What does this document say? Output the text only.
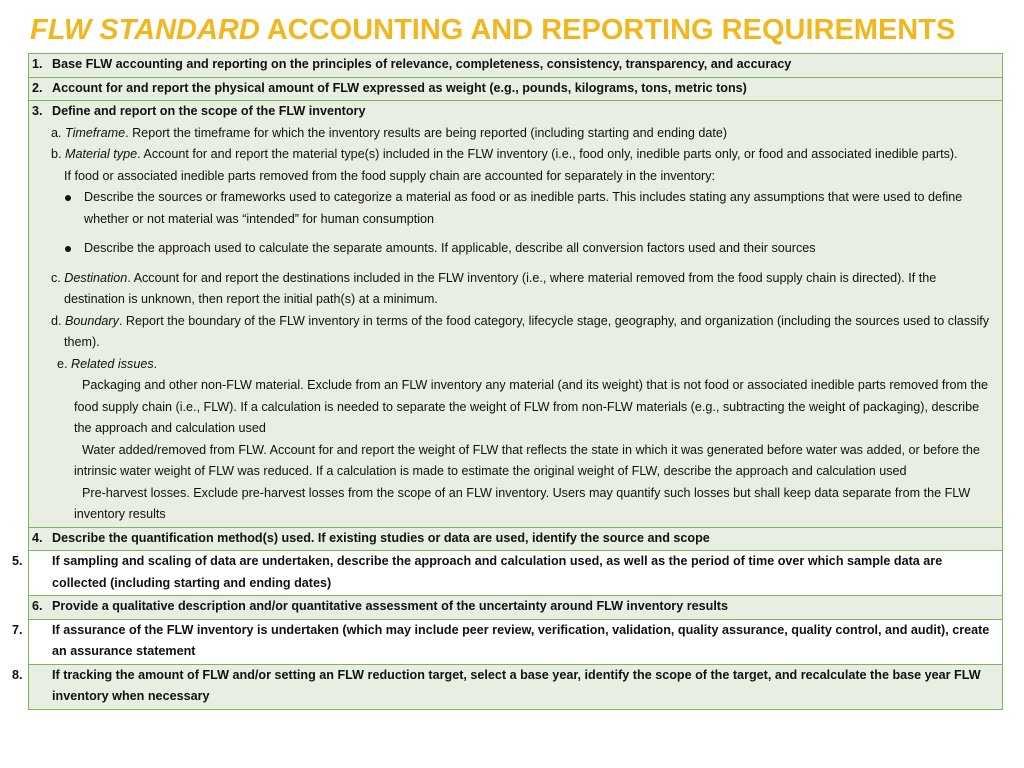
FLW STANDARD ACCOUNTING AND REPORTING REQUIREMENTS
1. Base FLW accounting and reporting on the principles of relevance, completeness, consistency, transparency, and accuracy
2. Account for and report the physical amount of FLW expressed as weight (e.g., pounds, kilograms, tons, metric tons)
3. Define and report on the scope of the FLW inventory
a. Timeframe. Report the timeframe for which the inventory results are being reported (including starting and ending date)
b. Material type. Account for and report the material type(s) included in the FLW inventory (i.e., food only, inedible parts only, or food and associated inedible parts).
If food or associated inedible parts removed from the food supply chain are accounted for separately in the inventory:
Describe the sources or frameworks used to categorize a material as food or as inedible parts. This includes stating any assumptions that were used to define whether or not material was “intended” for human consumption
Describe the approach used to calculate the separate amounts. If applicable, describe all conversion factors used and their sources
c. Destination. Account for and report the destinations included in the FLW inventory (i.e., where material removed from the food supply chain is directed). If the destination is unknown, then report the initial path(s) at a minimum.
d. Boundary. Report the boundary of the FLW inventory in terms of the food category, lifecycle stage, geography, and organization (including the sources used to classify them).
e. Related issues.
Packaging and other non-FLW material. Exclude from an FLW inventory any material (and its weight) that is not food or associated inedible parts removed from the food supply chain (i.e., FLW). If a calculation is needed to separate the weight of FLW from non-FLW materials (e.g., subtracting the weight of packaging), describe the approach and calculation used
Water added/removed from FLW. Account for and report the weight of FLW that reflects the state in which it was generated before water was added, or before the intrinsic water weight of FLW was reduced. If a calculation is made to estimate the original weight of FLW, describe the approach and calculation used
Pre-harvest losses. Exclude pre-harvest losses from the scope of an FLW inventory. Users may quantify such losses but shall keep data separate from the FLW inventory results
4. Describe the quantification method(s) used. If existing studies or data are used, identify the source and scope
5. If sampling and scaling of data are undertaken, describe the approach and calculation used, as well as the period of time over which sample data are collected (including starting and ending dates)
6. Provide a qualitative description and/or quantitative assessment of the uncertainty around FLW inventory results
7. If assurance of the FLW inventory is undertaken (which may include peer review, verification, validation, quality assurance, quality control, and audit), create an assurance statement
8. If tracking the amount of FLW and/or setting an FLW reduction target, select a base year, identify the scope of the target, and recalculate the base year FLW inventory when necessary
